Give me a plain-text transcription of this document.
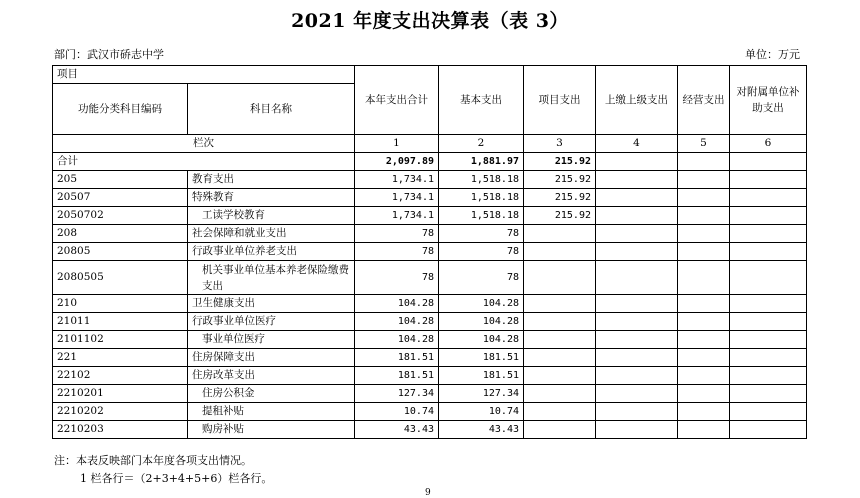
2021 年度支出决算表（表 3）
部门：武汉市硚志中学	单位：万元
项目		本年支出合计	基本支出	项目支出	上缴上级支出	经营支出	对附属单位补助支出
功能分类科目编码	科目名称						
栏次		1	2	3	4	5	6
合计		2,097.89	1,881.97	215.92			
205	教育支出	1,734.1	1,518.18	215.92			
20507	特殊教育	1,734.1	1,518.18	215.92			
2050702	工读学校教育	1,734.1	1,518.18	215.92			
208	社会保障和就业支出	78	78				
20805	行政事业单位养老支出	78	78				
2080505	机关事业单位基本养老保险缴费支出	78	78				
210	卫生健康支出	104.28	104.28				
21011	行政事业单位医疗	104.28	104.28				
2101102	事业单位医疗	104.28	104.28				
221	住房保障支出	181.51	181.51				
22102	住房改革支出	181.51	181.51				
2210201	住房公积金	127.34	127.34				
2210202	提租补贴	10.74	10.74				
2210203	购房补贴	43.43	43.43				
注：本表反映部门本年度各项支出情况。
1 栏各行＝（2+3+4+5+6）栏各行。
9
